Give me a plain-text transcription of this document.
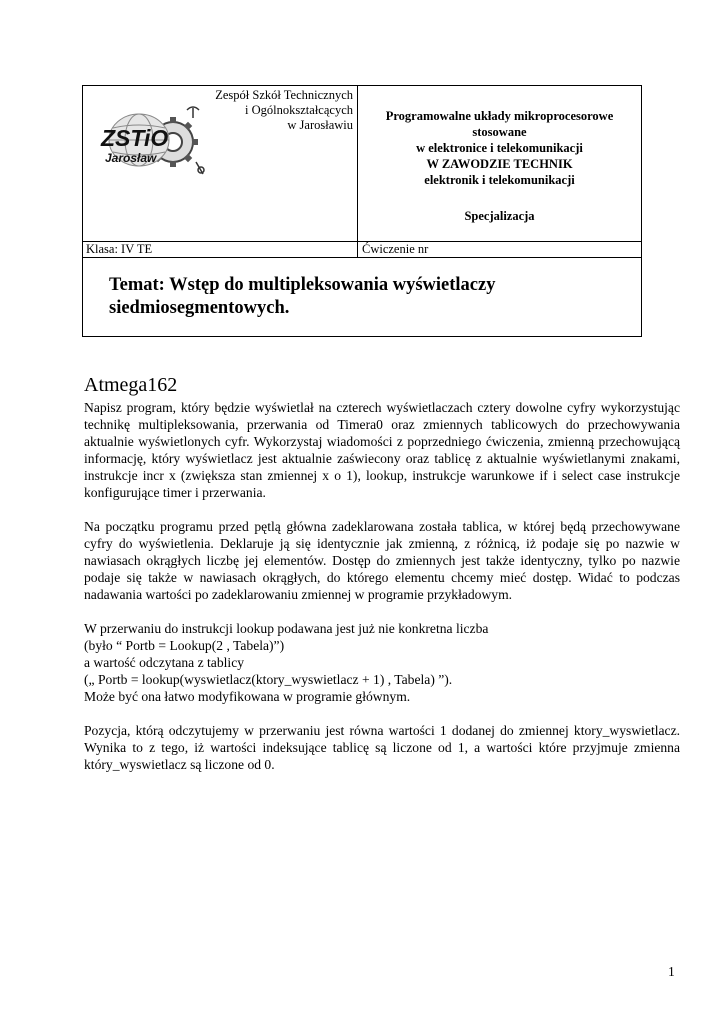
Zespół Szkół Technicznych
i Ogólnokształcących
w Jarosławiu
ZSTiO
Jarosław
Programowalne układy mikroprocesorowe
stosowane
w elektronice i telekomunikacji
W ZAWODZIE TECHNIK
elektronik i telekomunikacji
Specjalizacja
Klasa: IV TE	Ćwiczenie nr
Temat: Wstęp do multipleksowania wyświetlaczy
siedmiosegmentowych.
Atmega162

Napisz program, który będzie wyświetlał na czterech wyświetlaczach cztery dowolne cyfry wykorzystując technikę multipleksowania, przerwania od Timera0 oraz zmiennych tablicowych do przechowywania aktualnie wyświetlonych cyfr. Wykorzystaj wiadomości z poprzedniego ćwiczenia, zmienną przechowującą informację, który wyświetlacz jest aktualnie zaświecony oraz tablicę z aktualnie wyświetlanymi znakami, instrukcje incr x (zwiększa stan zmiennej x o 1), lookup, instrukcje warunkowe if i select case instrukcje konfigurujące timer i przerwania.

Na początku programu przed pętlą główna zadeklarowana została tablica, w której będą przechowywane cyfry do wyświetlenia. Deklaruje ją się identycznie jak zmienną, z różnicą, iż podaje się po nazwie w nawiasach okrągłych liczbę jej elementów. Dostęp do zmiennych jest także identyczny, tylko po nazwie podaje się także w nawiasach okrągłych, do którego elementu chcemy mieć dostęp. Widać to podczas nadawania wartości po zadeklarowaniu zmiennej w programie przykładowym.

W przerwaniu do instrukcji lookup podawana jest już nie konkretna liczba
(było “ Portb = Lookup(2 , Tabela)”)
a wartość odczytana z tablicy
(„ Portb = lookup(wyswietlacz(ktory_wyswietlacz + 1) , Tabela) ”).
Może być ona łatwo modyfikowana w programie głównym.

Pozycja, którą odczytujemy w przerwaniu jest równa wartości 1 dodanej do zmiennej ktory_wyswietlacz. Wynika to z tego, iż wartości indeksujące tablicę są liczone od 1, a wartości które przyjmuje zmienna który_wyswietlacz są liczone od 0.

1
